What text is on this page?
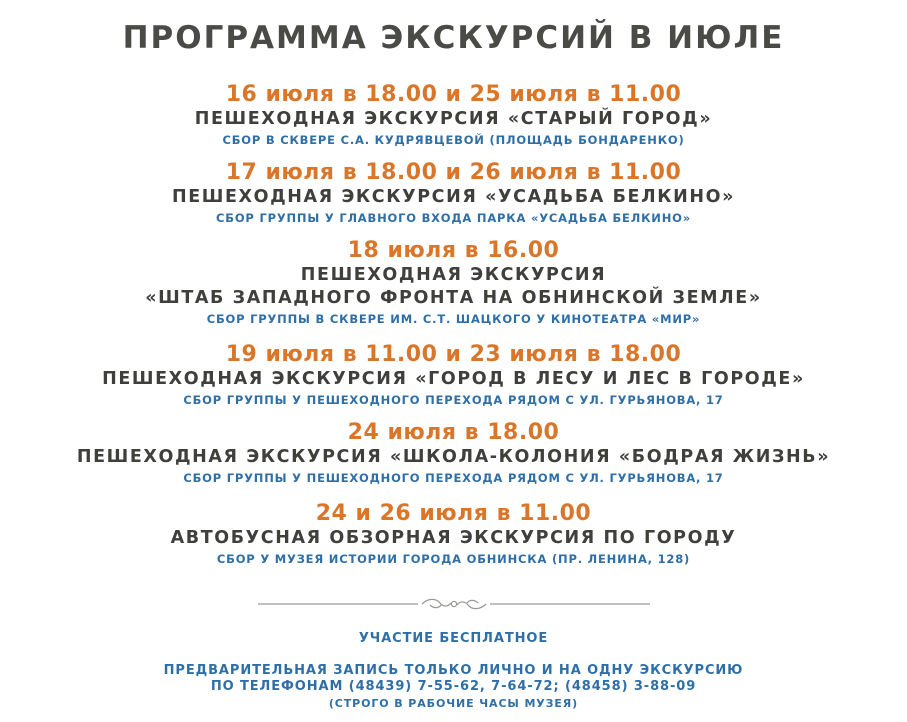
ПРОГРАММА ЭКСКУРСИЙ В ИЮЛЕ
16 июля в 18.00 и 25 июля в 11.00
ПЕШЕХОДНАЯ ЭКСКУРСИЯ «СТАРЫЙ ГОРОД»
СБОР В СКВЕРЕ С.А. КУДРЯВЦЕВОЙ (ПЛОЩАДЬ БОНДАРЕНКО)
17 июля в 18.00 и 26 июля в 11.00
ПЕШЕХОДНАЯ ЭКСКУРСИЯ «УСАДЬБА БЕЛКИНО»
СБОР ГРУППЫ У ГЛАВНОГО ВХОДА ПАРКА «УСАДЬБА БЕЛКИНО»
18 июля в 16.00
ПЕШЕХОДНАЯ ЭКСКУРСИЯ
«ШТАБ ЗАПАДНОГО ФРОНТА НА ОБНИНСКОЙ ЗЕМЛЕ»
СБОР ГРУППЫ В СКВЕРЕ ИМ. С.Т. ШАЦКОГО У КИНОТЕАТРА «МИР»
19 июля в 11.00 и 23 июля в 18.00
ПЕШЕХОДНАЯ ЭКСКУРСИЯ «ГОРОД В ЛЕСУ И ЛЕС В ГОРОДЕ»
СБОР ГРУППЫ У ПЕШЕХОДНОГО ПЕРЕХОДА РЯДОМ С УЛ. ГУРЬЯНОВА, 17
24 июля в 18.00
ПЕШЕХОДНАЯ ЭКСКУРСИЯ «ШКОЛА-КОЛОНИЯ «БОДРАЯ ЖИЗНЬ»
СБОР ГРУППЫ У ПЕШЕХОДНОГО ПЕРЕХОДА РЯДОМ С УЛ. ГУРЬЯНОВА, 17
24 и 26 июля в 11.00
АВТОБУСНАЯ ОБЗОРНАЯ ЭКСКУРСИЯ ПО ГОРОДУ
СБОР У МУЗЕЯ ИСТОРИИ ГОРОДА ОБНИНСКА (ПР. ЛЕНИНА, 128)
УЧАСТИЕ БЕСПЛАТНОЕ
ПРЕДВАРИТЕЛЬНАЯ ЗАПИСЬ ТОЛЬКО ЛИЧНО И НА ОДНУ ЭКСКУРСИЮ
ПО ТЕЛЕФОНАМ (48439) 7-55-62, 7-64-72; (48458) 3-88-09
(СТРОГО В РАБОЧИЕ ЧАСЫ МУЗЕЯ)
